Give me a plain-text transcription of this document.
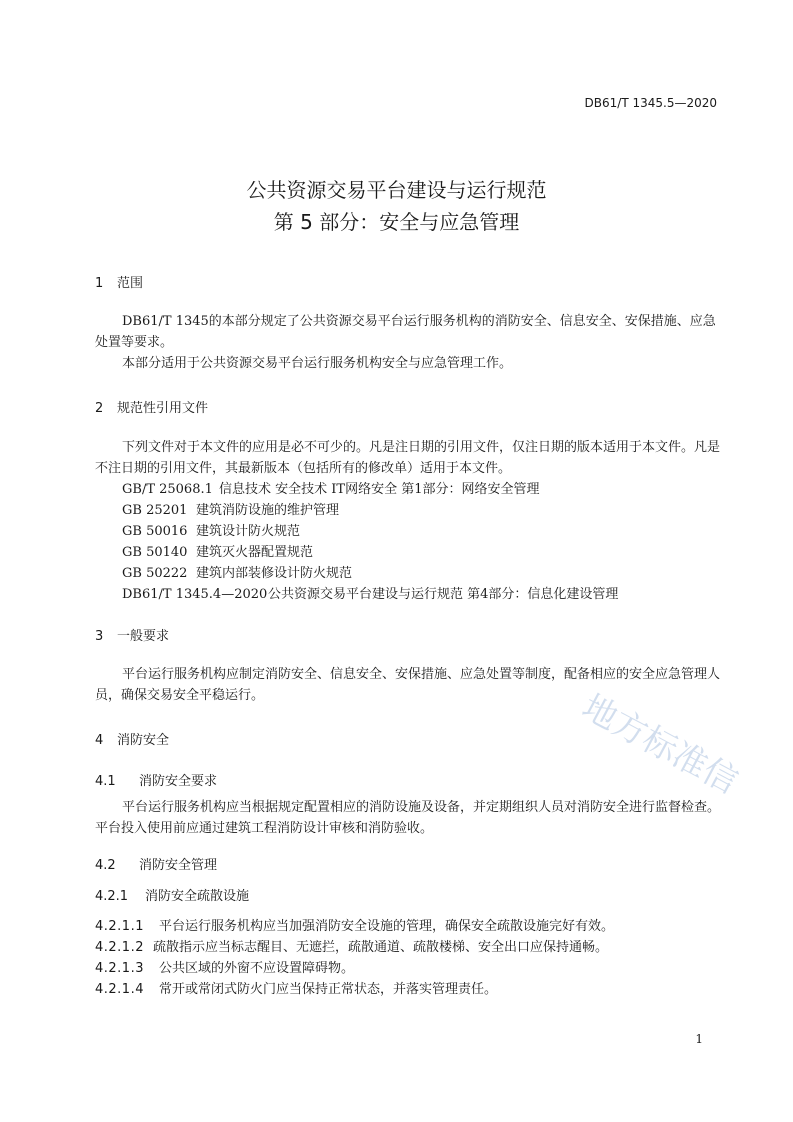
DB61/T 1345.5—2020
公共资源交易平台建设与运行规范
第 5 部分：安全与应急管理
1 范围

DB61/T 1345的本部分规定了公共资源交易平台运行服务机构的消防安全、信息安全、安保措施、应急处置等要求。

本部分适用于公共资源交易平台运行服务机构安全与应急管理工作。

2 规范性引用文件

下列文件对于本文件的应用是必不可少的。凡是注日期的引用文件，仅注日期的版本适用于本文件。凡是不注日期的引用文件，其最新版本（包括所有的修改单）适用于本文件。

GB/T 25068.1 信息技术 安全技术 IT网络安全 第1部分：网络安全管理
GB 25201 建筑消防设施的维护管理
GB 50016 建筑设计防火规范
GB 50140 建筑灭火器配置规范
GB 50222 建筑内部装修设计防火规范
DB61/T 1345.4—2020公共资源交易平台建设与运行规范 第4部分：信息化建设管理
3 一般要求

平台运行服务机构应制定消防安全、信息安全、安保措施、应急处置等制度，配备相应的安全应急管理人员，确保交易安全平稳运行。

4 消防安全
4.1 消防安全要求

平台运行服务机构应当根据规定配置相应的消防设施及设备，并定期组织人员对消防安全进行监督检查。平台投入使用前应通过建筑工程消防设计审核和消防验收。

4.2 消防安全管理
4.2.1 消防安全疏散设施
4.2.1.1 平台运行服务机构应当加强消防安全设施的管理，确保安全疏散设施完好有效。
4.2.1.2 疏散指示应当标志醒目、无遮拦，疏散通道、疏散楼梯、安全出口应保持通畅。
4.2.1.3 公共区域的外窗不应设置障碍物。
4.2.1.4 常开或常闭式防火门应当保持正常状态，并落实管理责任。
地方标准信
1
